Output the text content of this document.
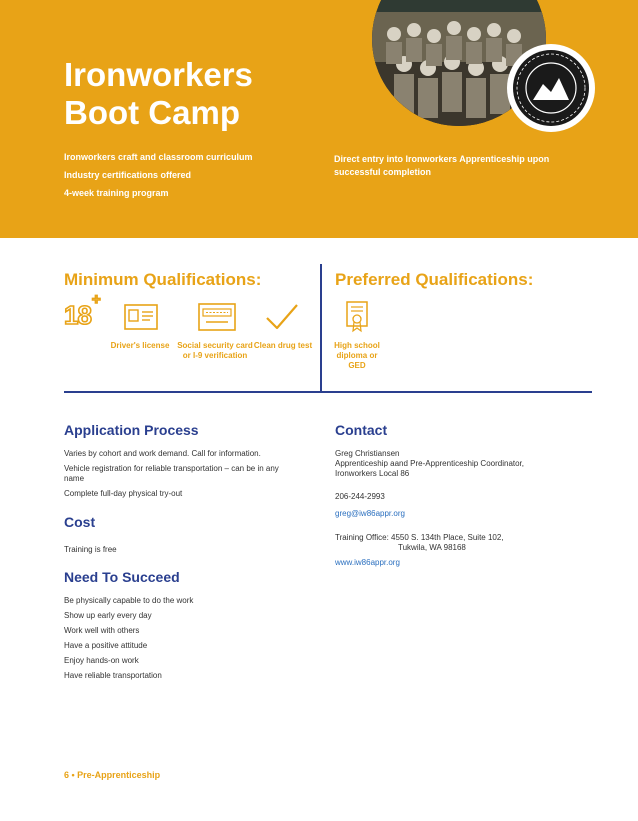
Ironworkers
Boot Camp
Ironworkers craft and classroom curriculum
Industry certifications offered
4-week training program

Direct entry into Ironworkers Apprenticeship upon successful completion

Minimum Qualifications:	Preferred Qualifications:
18+
Driver's license Social security card or I-9 verification
Clean drug test	High school diploma or GED
Application Process
Varies by cohort and work demand. Call for information.
Vehicle registration for reliable transportation – can be in any name
Complete full-day physical try-out
Cost

Training is free

Need To Succeed
Be physically capable to do the work
Show up early every day
Work well with others
Have a positive attitude
Enjoy hands-on work
Have reliable transportation
Contact
Greg Christiansen
Apprenticeship aand Pre-Apprenticeship Coordinator,
Ironworkers Local 86

206-244-2993

greg@iw86appr.org

Training Office: 4550 S. 134th Place, Suite 102,
Tukwila, WA 98168

www.iw86appr.org

6 • Pre-Apprenticeship
